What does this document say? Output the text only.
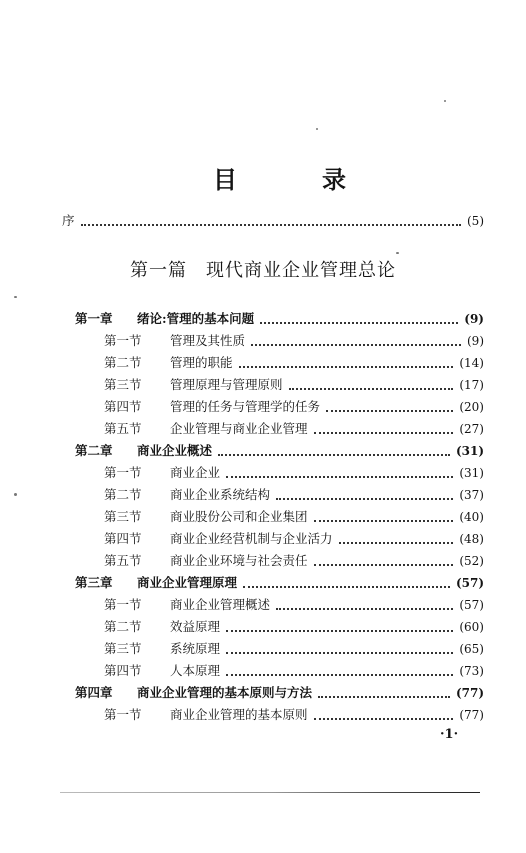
目	录
序	(5)
第一篇　现代商业企业管理总论
第一章	绪论:管理的基本问题	(9)
第一节	管理及其性质	(9)
第二节	管理的职能	(14)
第三节	管理原理与管理原则	(17)
第四节	管理的任务与管理学的任务	(20)
第五节	企业管理与商业企业管理	(27)
第二章	商业企业概述	(31)
第一节	商业企业	(31)
第二节	商业企业系统结构	(37)
第三节	商业股份公司和企业集团	(40)
第四节	商业企业经营机制与企业活力	(48)
第五节	商业企业环境与社会责任	(52)
第三章	商业企业管理原理	(57)
第一节	商业企业管理概述	(57)
第二节	效益原理	(60)
第三节	系统原理	(65)
第四节	人本原理	(73)
第四章	商业企业管理的基本原则与方法	(77)
第一节	商业企业管理的基本原则	(77)
·1·
